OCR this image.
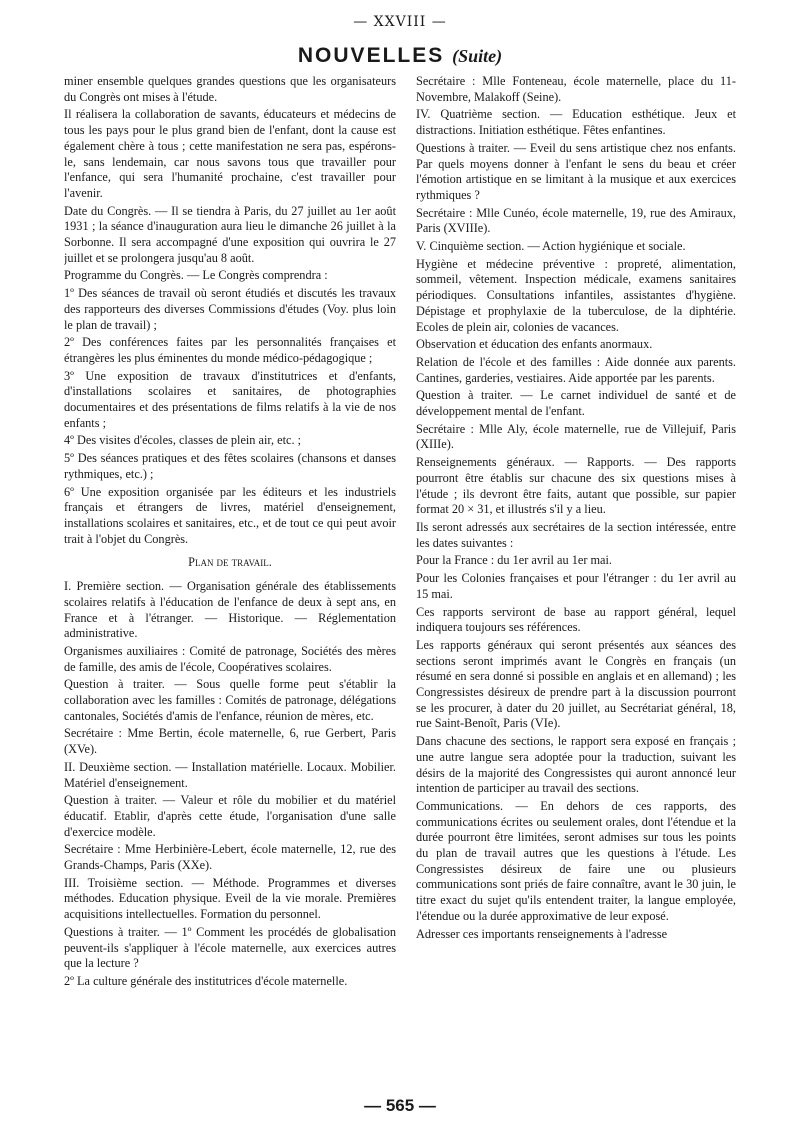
— XXVIII —
NOUVELLES (Suite)

miner ensemble quelques grandes questions que les organisateurs du Congrès ont mises à l'étude.

Il réalisera la collaboration de savants, éducateurs et médecins de tous les pays pour le plus grand bien de l'enfant, dont la cause est également chère à tous ; cette manifestation ne sera pas, espérons-le, sans lendemain, car nous savons tous que travailler pour l'enfance, qui sera l'humanité prochaine, c'est travailler pour l'avenir.

Date du Congrès. — Il se tiendra à Paris, du 27 juillet au 1er août 1931 ; la séance d'inauguration aura lieu le dimanche 26 juillet à la Sorbonne. Il sera accompagné d'une exposition qui ouvrira le 27 juillet et se prolongera jusqu'au 8 août.

Programme du Congrès. — Le Congrès comprendra :

1º Des séances de travail où seront étudiés et discutés les travaux des rapporteurs des diverses Commissions d'études (Voy. plus loin le plan de travail) ;

2º Des conférences faites par les personnalités françaises et étrangères les plus éminentes du monde médico-pédagogique ;

3º Une exposition de travaux d'institutrices et d'enfants, d'installations scolaires et sanitaires, de photographies documentaires et des présentations de films relatifs à la vie de nos enfants ;

4º Des visites d'écoles, classes de plein air, etc. ;

5º Des séances pratiques et des fêtes scolaires (chansons et danses rythmiques, etc.) ;

6º Une exposition organisée par les éditeurs et les industriels français et étrangers de livres, matériel d'enseignement, installations scolaires et sanitaires, etc., et de tout ce qui peut avoir trait à l'objet du Congrès.

Plan de travail.

I. Première section. — Organisation générale des établissements scolaires relatifs à l'éducation de l'enfance de deux à sept ans, en France et à l'étranger. — Historique. — Réglementation administrative.

Organismes auxiliaires : Comité de patronage, Sociétés des mères de famille, des amis de l'école, Coopératives scolaires.

Question à traiter. — Sous quelle forme peut s'établir la collaboration avec les familles : Comités de patronage, délégations cantonales, Sociétés d'amis de l'enfance, réunion de mères, etc.

Secrétaire : Mme Bertin, école maternelle, 6, rue Gerbert, Paris (XVe).

II. Deuxième section. — Installation matérielle. Locaux. Mobilier. Matériel d'enseignement.

Question à traiter. — Valeur et rôle du mobilier et du matériel éducatif. Etablir, d'après cette étude, l'organisation d'une salle d'exercice modèle.

Secrétaire : Mme Herbinière-Lebert, école maternelle, 12, rue des Grands-Champs, Paris (XXe).

III. Troisième section. — Méthode. Programmes et diverses méthodes. Education physique. Eveil de la vie morale. Premières acquisitions intellectuelles. Formation du personnel.

Questions à traiter. — 1º Comment les procédés de globalisation peuvent-ils s'appliquer à l'école maternelle, aux exercices autres que la lecture ?

2º La culture générale des institutrices d'école maternelle.

Secrétaire : Mlle Fonteneau, école maternelle, place du 11-Novembre, Malakoff (Seine).

IV. Quatrième section. — Education esthétique. Jeux et distractions. Initiation esthétique. Fêtes enfantines.

Questions à traiter. — Eveil du sens artistique chez nos enfants. Par quels moyens donner à l'enfant le sens du beau et créer l'émotion artistique en se limitant à la musique et aux exercices rythmiques ?

Secrétaire : Mlle Cunéo, école maternelle, 19, rue des Amiraux, Paris (XVIIIe).

V. Cinquième section. — Action hygiénique et sociale.

Hygiène et médecine préventive : propreté, alimentation, sommeil, vêtement. Inspection médicale, examens sanitaires périodiques. Consultations infantiles, assistantes d'hygiène. Dépistage et prophylaxie de la tuberculose, de la diphtérie. Ecoles de plein air, colonies de vacances.

Observation et éducation des enfants anormaux.

Relation de l'école et des familles : Aide donnée aux parents. Cantines, garderies, vestiaires. Aide apportée par les parents.

Question à traiter. — Le carnet individuel de santé et de développement mental de l'enfant.

Secrétaire : Mlle Aly, école maternelle, rue de Villejuif, Paris (XIIIe).

Renseignements généraux. — Rapports. — Des rapports pourront être établis sur chacune des six questions mises à l'étude ; ils devront être faits, autant que possible, sur papier format 20 × 31, et illustrés s'il y a lieu.

Ils seront adressés aux secrétaires de la section intéressée, entre les dates suivantes :

Pour la France : du 1er avril au 1er mai.

Pour les Colonies françaises et pour l'étranger : du 1er avril au 15 mai.

Ces rapports serviront de base au rapport général, lequel indiquera toujours ses références.

Les rapports généraux qui seront présentés aux séances des sections seront imprimés avant le Congrès en français (un résumé en sera donné si possible en anglais et en allemand) ; les Congressistes désireux de prendre part à la discussion pourront se les procurer, à dater du 20 juillet, au Secrétariat général, 18, rue Saint-Benoît, Paris (VIe).

Dans chacune des sections, le rapport sera exposé en français ; une autre langue sera adoptée pour la traduction, suivant les désirs de la majorité des Congressistes qui auront annoncé leur intention de participer au travail des sections.

Communications. — En dehors de ces rapports, des communications écrites ou seulement orales, dont l'étendue et la durée pourront être limitées, seront admises sur tous les points du plan de travail autres que les questions à l'étude. Les Congressistes désireux de faire une ou plusieurs communications sont priés de faire connaître, avant le 30 juin, le titre exact du sujet qu'ils entendent traiter, la langue employée, l'étendue ou la durée approximative de leur exposé.

Adresser ces importants renseignements à l'adresse

— 565 —
